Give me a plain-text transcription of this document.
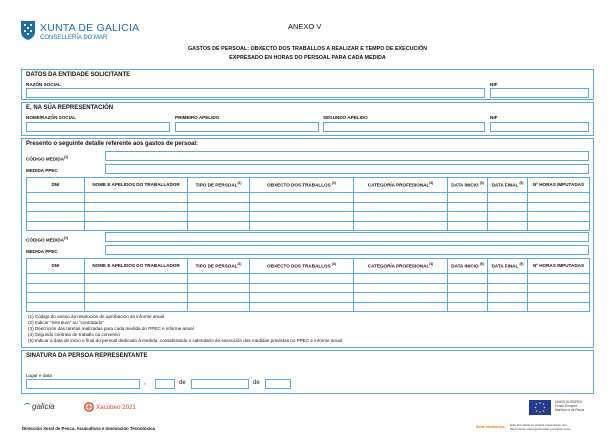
XUNTA DE GALICIA
CONSELLERÍA DO MAR
ANEXO V
GASTOS DE PERSOAL: OBXECTO DOS TRABALLOS A REALIZAR E TEMPO DE EXECUCIÓN
EXPRESADO EN HORAS DO PERSOAL PARA CADA MEDIDA
DATOS DA ENTIDADE SOLICITANTE
RAZÓN SOCIAL	NIF
E, NA SÚA REPRESENTACIÓN
NOME/RAZÓN SOCIAL	PRIMEIRO APELIDO	SEGUNDO APELIDO	NIF
Presento o seguinte detalle referente aos gastos de persoal:
CÓDIGO MEDIDA$^{(1)}$
MEDIDA PPEC
DNI	NOME E APELIDOS DO TRABALLADOR	TIPO DE PERSOAL$^{(2)}$	OBXECTO DOS TRABALLOS $^{(3)}$	CATEGORÍA PROFESIONAL$^{(4)}$	DATA INICIO $^{(5)}$	DATA FINAL $^{(5)}$	Nº HORAS IMPUTADAS

CÓDIGO MEDIDA$^{(1)}$
MEDIDA PPEC
DNI	NOME E APELIDOS DO TRABALLADOR	TIPO DE PERSOAL$^{(2)}$	OBXECTO DOS TRABALLOS $^{(3)}$	CATEGORÍA PROFESIONAL$^{(4)}$	DATA INICIO $^{(5)}$	DATA FINAL $^{(5)}$	Nº HORAS IMPUTADAS

(1) Código do anexo da resolución de aprobación do informe anual
(2) Indicar "estrutura" ou "contratado"
(3) Descrición das tarefas realizadas para cada medida do PPEC e informe anual
(4) Segundo contrato de traballo ou convenio
(5) Indicar a data de inicio e final do persoal dedicado á medida, considerando o calendario de execución das medidas previstas no PPEC e informe anual
SINATURA DA PERSOA REPRESENTANTE
Lugar e data
,	de	de
galicia	Xacobeo 2021
UNIÓN EUROPEA
Fondo Europeo
Marítimo e de Pesca
Dirección Xeral de Pesca, Acuicultura e Innovación Tecnolóxica	Sede electrónica Este formulario só poderá presentarse nos
https://sede.xunta.gal Formas previstas na lei
